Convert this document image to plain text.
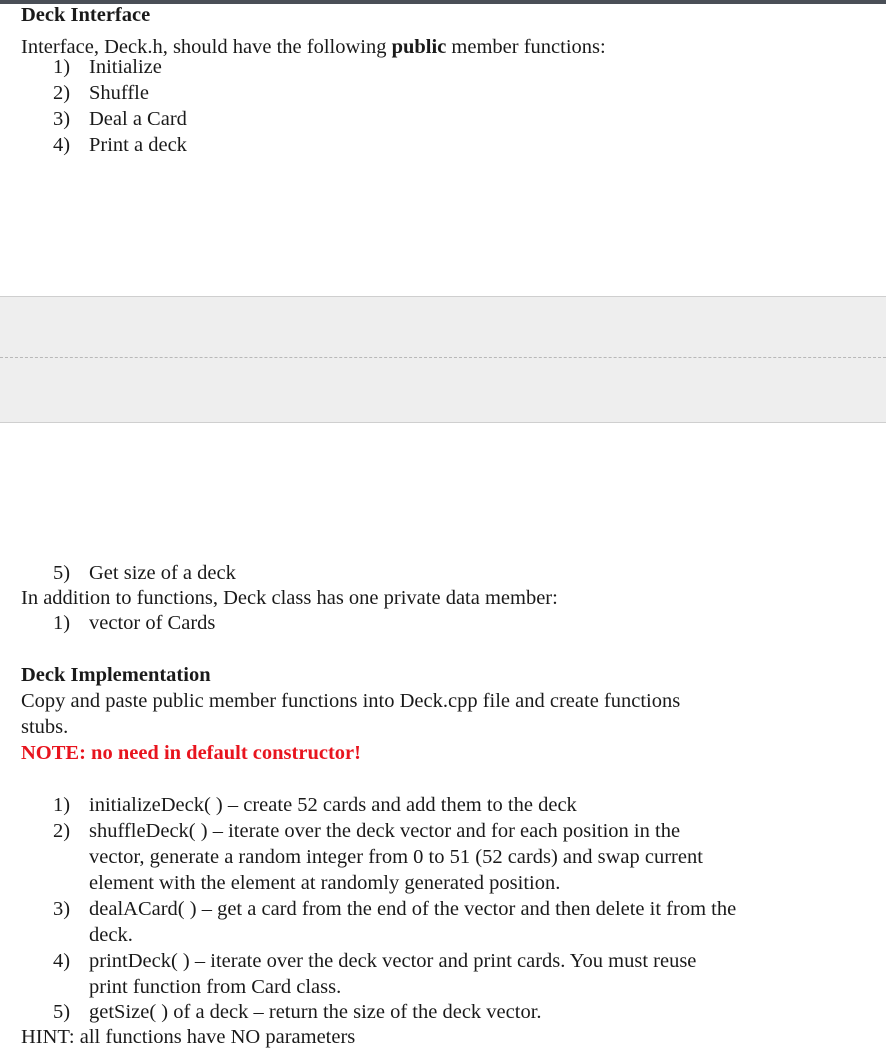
Deck Interface
Interface, Deck.h, should have the following public member functions:
1) Initialize
2) Shuffle
3) Deal a Card
4) Print a deck
5) Get size of a deck
In addition to functions, Deck class has one private data member:
1) vector of Cards
Deck Implementation
Copy and paste public member functions into Deck.cpp file and create functions
stubs.
NOTE: no need in default constructor!
1) initializeDeck( ) – create 52 cards and add them to the deck
2) shuffleDeck( ) – iterate over the deck vector and for each position in the
vector, generate a random integer from 0 to 51 (52 cards) and swap current
element with the element at randomly generated position.
3) dealACard( ) – get a card from the end of the vector and then delete it from the
deck.
4) printDeck( ) – iterate over the deck vector and print cards. You must reuse
print function from Card class.
5) getSize( ) of a deck – return the size of the deck vector.
HINT: all functions have NO parameters
